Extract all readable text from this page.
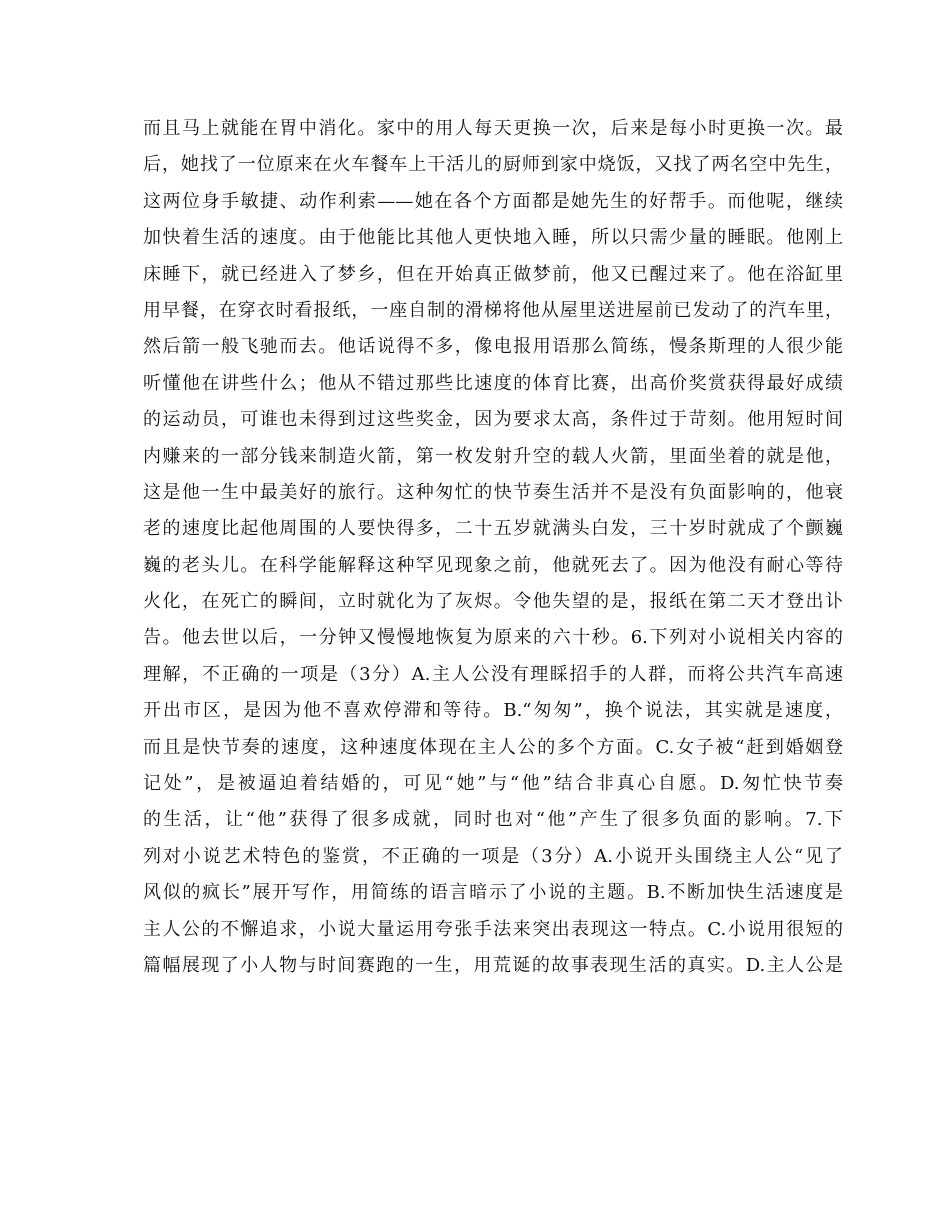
而且马上就能在胃中消化。家中的用人每天更换一次，后来是每小时更换一次。最
后，她找了一位原来在火车餐车上干活儿的厨师到家中烧饭，又找了两名空中先生，
这两位身手敏捷、动作利索——她在各个方面都是她先生的好帮手。而他呢，继续
加快着生活的速度。由于他能比其他人更快地入睡，所以只需少量的睡眠。他刚上
床睡下，就已经进入了梦乡，但在开始真正做梦前，他又已醒过来了。他在浴缸里
用早餐，在穿衣时看报纸，一座自制的滑梯将他从屋里送进屋前已发动了的汽车里，
然后箭一般飞驰而去。他话说得不多，像电报用语那么简练，慢条斯理的人很少能
听懂他在讲些什么；他从不错过那些比速度的体育比赛，出高价奖赏获得最好成绩
的运动员，可谁也未得到过这些奖金，因为要求太高，条件过于苛刻。他用短时间
内赚来的一部分钱来制造火箭，第一枚发射升空的载人火箭，里面坐着的就是他，
这是他一生中最美好的旅行。这种匆忙的快节奏生活并不是没有负面影响的，他衰
老的速度比起他周围的人要快得多，二十五岁就满头白发，三十岁时就成了个颤巍
巍的老头儿。在科学能解释这种罕见现象之前，他就死去了。因为他没有耐心等待
火化，在死亡的瞬间，立时就化为了灰烬。令他失望的是，报纸在第二天才登出讣
告。他去世以后，一分钟又慢慢地恢复为原来的六十秒。6.下列对小说相关内容的
理解，不正确的一项是（3分）A.主人公没有理睬招手的人群，而将公共汽车高速
开出市区，是因为他不喜欢停滞和等待。B.“匆匆”，换个说法，其实就是速度，
而且是快节奏的速度，这种速度体现在主人公的多个方面。C.女子被“赶到婚姻登
记处”，是被逼迫着结婚的，可见“她”与“他”结合非真心自愿。D.匆忙快节奏
的生活，让“他”获得了很多成就，同时也对“他”产生了很多负面的影响。7.下
列对小说艺术特色的鉴赏，不正确的一项是（3分）A.小说开头围绕主人公“见了
风似的疯长”展开写作，用简练的语言暗示了小说的主题。B.不断加快生活速度是
主人公的不懈追求，小说大量运用夸张手法来突出表现这一特点。C.小说用很短的
篇幅展现了小人物与时间赛跑的一生，用荒诞的故事表现生活的真实。D.主人公是
